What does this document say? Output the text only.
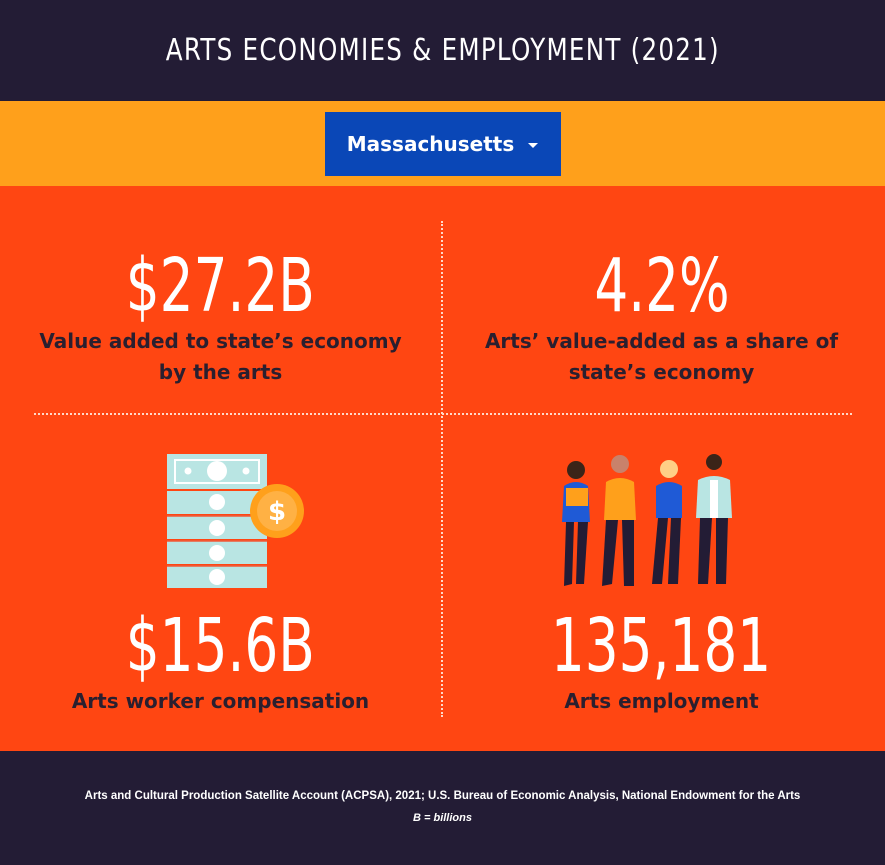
ARTS ECONOMIES & EMPLOYMENT (2021)
Massachusetts
$27.2B
Value added to state’s economy
by the arts
4.2%
Arts’ value-added as a share of
state’s economy
$
$15.6B
Arts worker compensation
135,181
Arts employment
Arts and Cultural Production Satellite Account (ACPSA), 2021; U.S. Bureau of Economic Analysis, National Endowment for the Arts
B = billions
